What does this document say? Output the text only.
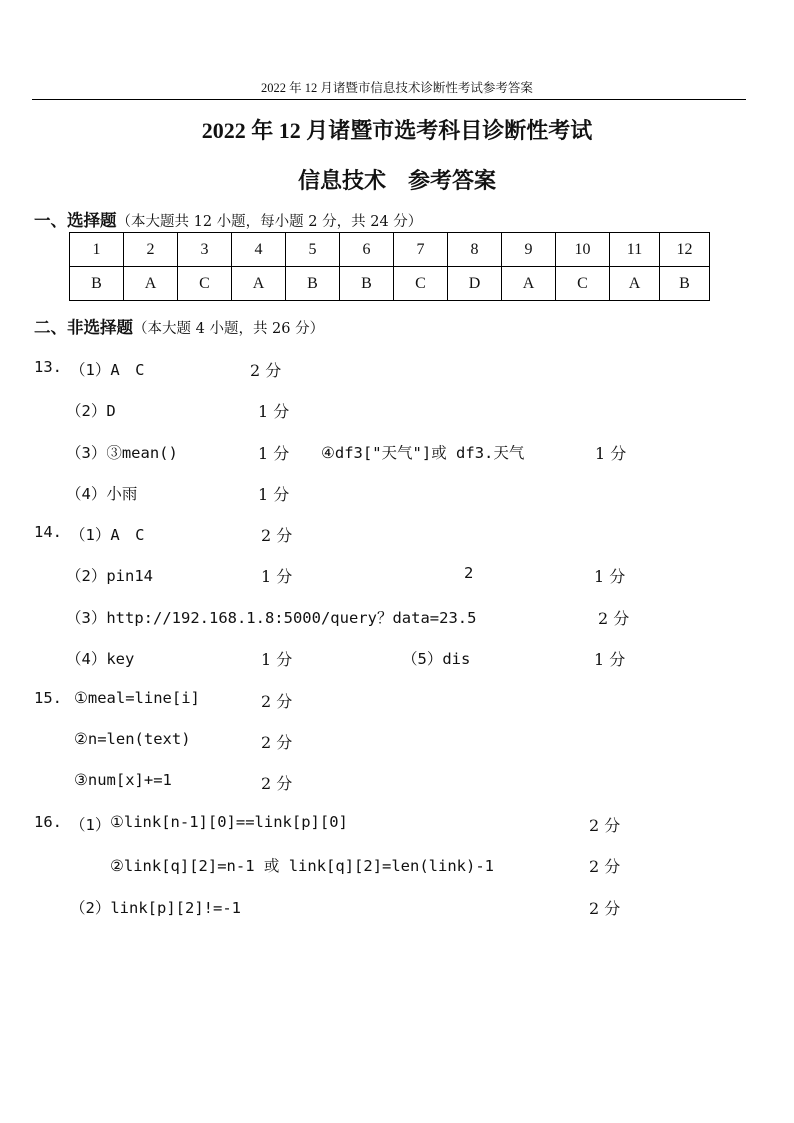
2022 年 12 月诸暨市信息技术诊断性考试参考答案
2022 年 12 月诸暨市选考科目诊断性考试
信息技术　参考答案
一、选择题（本大题共 12 小题，每小题 2 分，共 24 分）
1	2	3	4	5	6	7	8	9	10	11	12
B	A	C	A	B	B	C	D	A	C	A	B
二、非选择题（本大题 4 小题，共 26 分）
13. （1）A　C	2 分
（2）D	1 分
（3）③mean()	1 分 ④df3["天气"]或 df3.天气	1 分
（4）小雨	1 分
14. （1）A　C	2 分
（2）pin14	1 分	2	1 分
（3）http://192.168.1.8:5000/query？data=23.5	2 分
（4）key	1 分	（5）dis	1 分
15. ①meal=line[i]	2 分
②n=len(text)	2 分
③num[x]+=1	2 分
16. （1） ①link[n-1][0]==link[p][0]	2 分
②link[q][2]=n-1 或 link[q][2]=len(link)-1	2 分
（2）link[p][2]!=-1	2 分
